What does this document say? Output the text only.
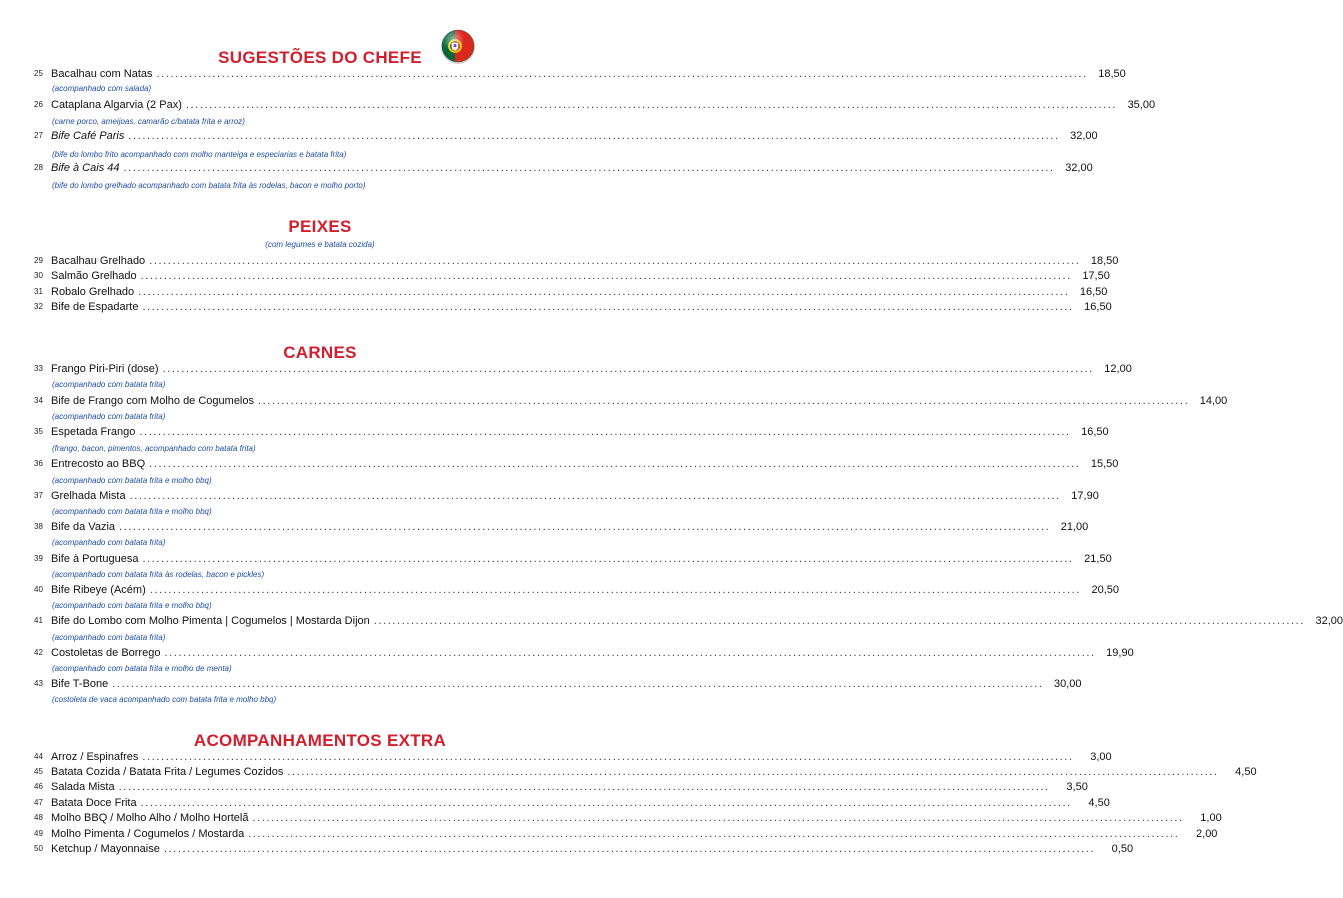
SUGESTÕES DO CHEFE
25 Bacalhau com Natas ........................................................................................................................................................................................................ 18,50
(acompanhado com salada)
26 Cataplana Algarvia (2 Pax) ........................................................................................................................................................................................................ 35,00
(carne porco, ameijoas, camarão c/batata frita e arroz)
27 Bife Café Paris ........................................................................................................................................................................................................ 32,00
(bife do lombo frito acompanhado com molho manteiga e especiarias e batata frita)
28 Bife à Cais 44 ........................................................................................................................................................................................................ 32,00
(bife do lombo grelhado acompanhado com batata frita às rodelas, bacon e molho porto)
PEIXES
(com legumes e batata cozida)
29 Bacalhau Grelhado ........................................................................................................................................................................................................ 18,50
30 Salmão Grelhado ........................................................................................................................................................................................................ 17,50
31 Robalo Grelhado ........................................................................................................................................................................................................ 16,50
32 Bife de Espadarte ........................................................................................................................................................................................................ 16,50
CARNES
33 Frango Piri-Piri (dose) ........................................................................................................................................................................................................ 12,00
(acompanhado com batata frita)
34 Bife de Frango com Molho de Cogumelos ........................................................................................................................................................................................................ 14,00
(acompanhado com batata frita)
35 Espetada Frango ........................................................................................................................................................................................................ 16,50
(frango, bacon, pimentos, acompanhado com batata frita)
36 Entrecosto ao BBQ ........................................................................................................................................................................................................ 15,50
(acompanhado com batata frita e molho bbq)
37 Grelhada Mista ........................................................................................................................................................................................................ 17,90
(acompanhado com batata frita e molho bbq)
38 Bife da Vazia ........................................................................................................................................................................................................ 21,00
(acompanhado com batata frita)
39 Bife à Portuguesa ........................................................................................................................................................................................................ 21,50
(acompanhado com batata frita às rodelas, bacon e pickles)
40 Bife Ribeye (Acém) ........................................................................................................................................................................................................ 20,50
(acompanhado com batata frita e molho bbq)
41 Bife do Lombo com Molho Pimenta | Cogumelos | Mostarda Dijon ........................................................................................................................................................................................................ 32,00
(acompanhado com batata frita)
42 Costoletas de Borrego ........................................................................................................................................................................................................ 19,90
(acompanhado com batata frita e molho de menta)
43 Bife T-Bone ........................................................................................................................................................................................................ 30,00
(costoleta de vaca acompanhado com batata frita e molho bbq)
ACOMPANHAMENTOS EXTRA
44 Arroz / Espinafres ........................................................................................................................................................................................................	3,00
45 Batata Cozida / Batata Frita / Legumes Cozidos ........................................................................................................................................................................................................	4,50
46 Salada Mista ........................................................................................................................................................................................................	3,50
47 Batata Doce Frita ........................................................................................................................................................................................................	4,50
48 Molho BBQ / Molho Alho / Molho Hortelã ........................................................................................................................................................................................................	1,00
49 Molho Pimenta / Cogumelos / Mostarda ........................................................................................................................................................................................................	2,00
50 Ketchup / Mayonnaise ........................................................................................................................................................................................................	0,50
